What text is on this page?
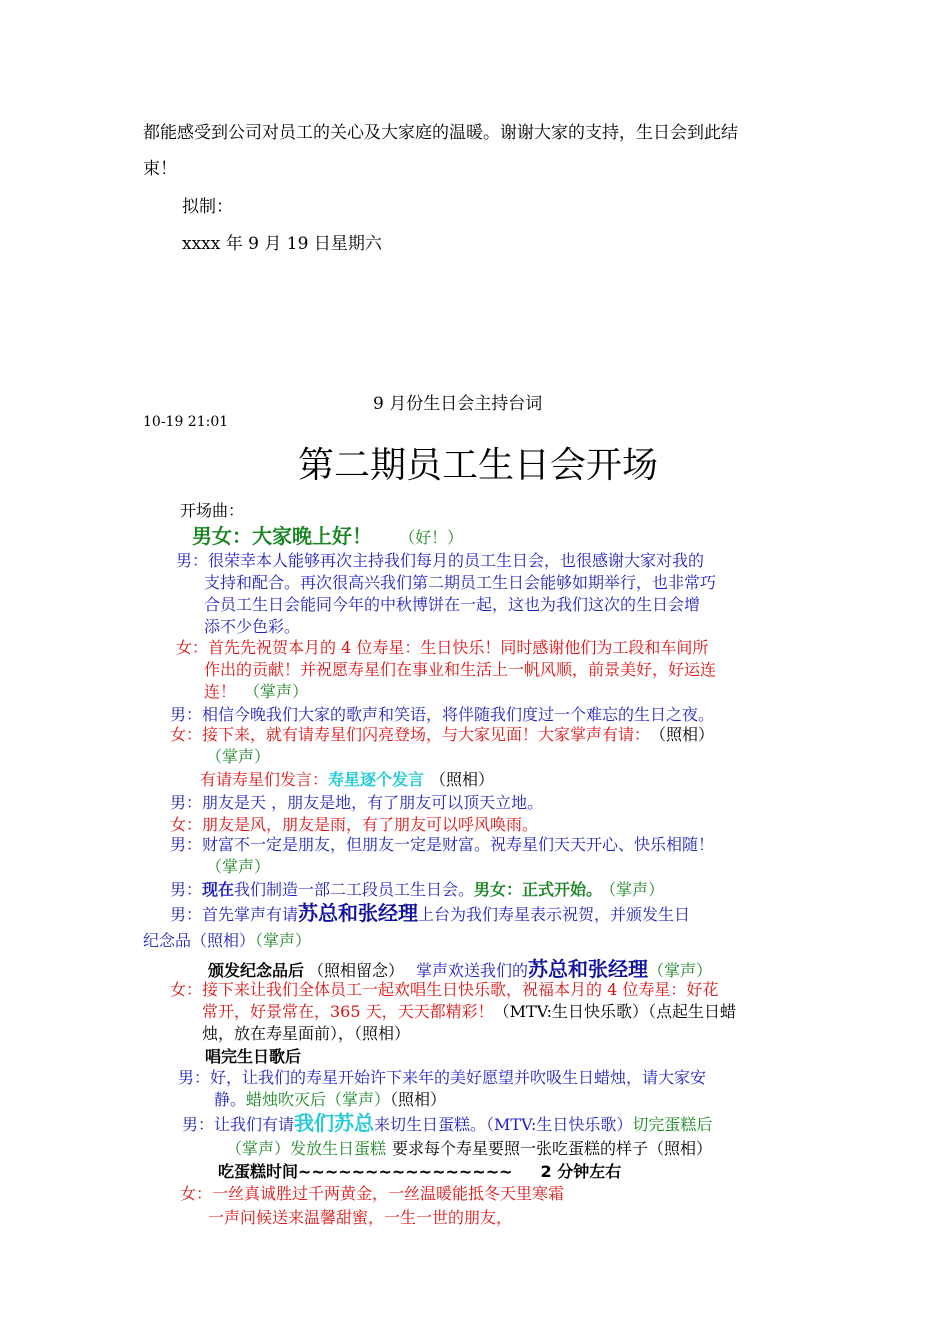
都能感受到公司对员工的关心及大家庭的温暖。谢谢大家的支持，生日会到此结
束！
拟制：
xxxx 年 9 月 19 日星期六
9 月份生日会主持台词
10-19 21:01
第二期员工生日会开场
开场曲：
男女：大家晚上好！ （好！）
男：很荣幸本人能够再次主持我们每月的员工生日会，也很感谢大家对我的
支持和配合。再次很高兴我们第二期员工生日会能够如期举行，也非常巧
合员工生日会能同今年的中秋博饼在一起，这也为我们这次的生日会增
添不少色彩。
女：首先先祝贺本月的 4 位寿星：生日快乐！同时感谢他们为工段和车间所
作出的贡献！并祝愿寿星们在事业和生活上一帆风顺，前景美好，好运连
连！ （掌声）
男：相信今晚我们大家的歌声和笑语，将伴随我们度过一个难忘的生日之夜。
女：接下来，就有请寿星们闪亮登场，与大家见面！大家掌声有请： （照相）
（掌声）
有请寿星们发言：寿星逐个发言 （照相）
男：朋友是天 ，朋友是地，有了朋友可以顶天立地。
女：朋友是风，朋友是雨，有了朋友可以呼风唤雨。
男：财富不一定是朋友，但朋友一定是财富。祝寿星们天天开心、快乐相随！
（掌声）
男：现在我们制造一部二工段员工生日会。男女：正式开始。 （掌声）
男：首先掌声有请苏总和张经理上台为我们寿星表示祝贺，并颁发生日
纪念品（照相）（掌声）
颁发纪念品后 （照相留念） 掌声欢送我们的苏总和张经理（掌声）
女：接下来让我们全体员工一起欢唱生日快乐歌，祝福本月的 4 位寿星：好花
常开，好景常在，365 天，天天都精彩！（MTV:生日快乐歌）（点起生日蜡
烛，放在寿星面前），（照相）
唱完生日歌后
男：好，让我们的寿星开始许下来年的美好愿望并吹吸生日蜡烛，请大家安
静。蜡烛吹灭后（掌声）（照相）
男：让我们有请我们苏总来切生日蛋糕。（MTV:生日快乐歌）切完蛋糕后
（掌声）发放生日蛋糕 要求每个寿星要照一张吃蛋糕的样子（照相）
吃蛋糕时间~~~~~~~~~~~~~~~~ 2 分钟左右
女：一丝真诚胜过千两黄金，一丝温暖能抵冬天里寒霜
一声问候送来温馨甜蜜，一生一世的朋友，
